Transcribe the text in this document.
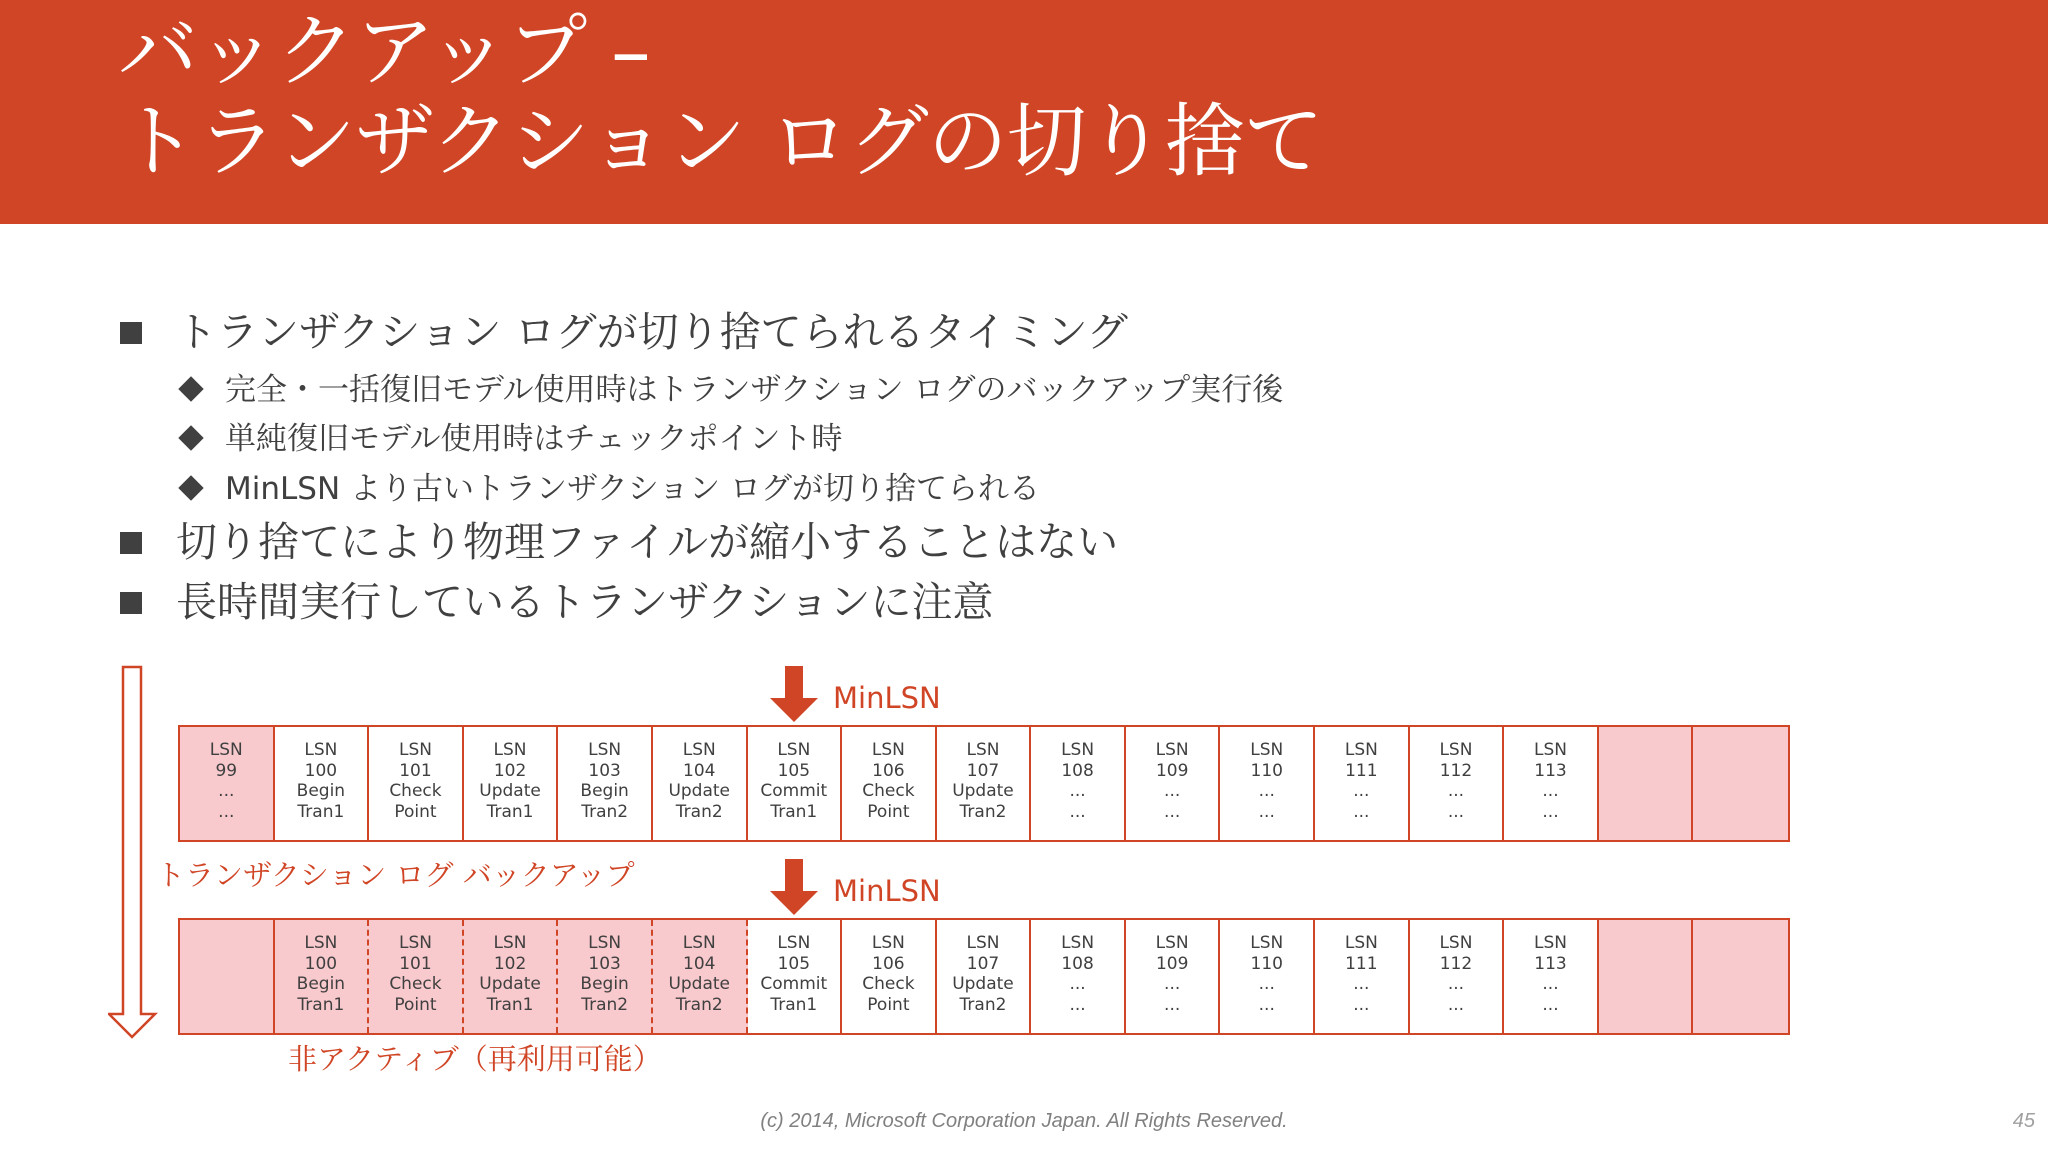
バックアップ –
トランザクション ログの切り捨て
トランザクション ログが切り捨てられるタイミング
完全・一括復旧モデル使用時はトランザクション ログのバックアップ実行後
単純復旧モデル使用時はチェックポイント時
MinLSN より古いトランザクション ログが切り捨てられる
切り捨てにより物理ファイルが縮小することはない
長時間実行しているトランザクションに注意
MinLSN
MinLSN
LSN
99
...
...
LSN
100
Begin
Tran1
LSN
101
Check
Point
LSN
102
Update
Tran1
LSN
103
Begin
Tran2
LSN
104
Update
Tran2
LSN
105
Commit
Tran1
LSN
106
Check
Point
LSN
107
Update
Tran2
LSN
108
...
...
LSN
109
...
...
LSN
110
...
...
LSN
111
...
...
LSN
112
...
...
LSN
113
...
...
トランザクション ログ バックアップ
LSN
100
Begin
Tran1
LSN
101
Check
Point
LSN
102
Update
Tran1
LSN
103
Begin
Tran2
LSN
104
Update
Tran2
LSN
105
Commit
Tran1
LSN
106
Check
Point
LSN
107
Update
Tran2
LSN
108
...
...
LSN
109
...
...
LSN
110
...
...
LSN
111
...
...
LSN
112
...
...
LSN
113
...
...
非アクティブ（再利用可能）
(c) 2014, Microsoft Corporation Japan. All Rights Reserved.	45
